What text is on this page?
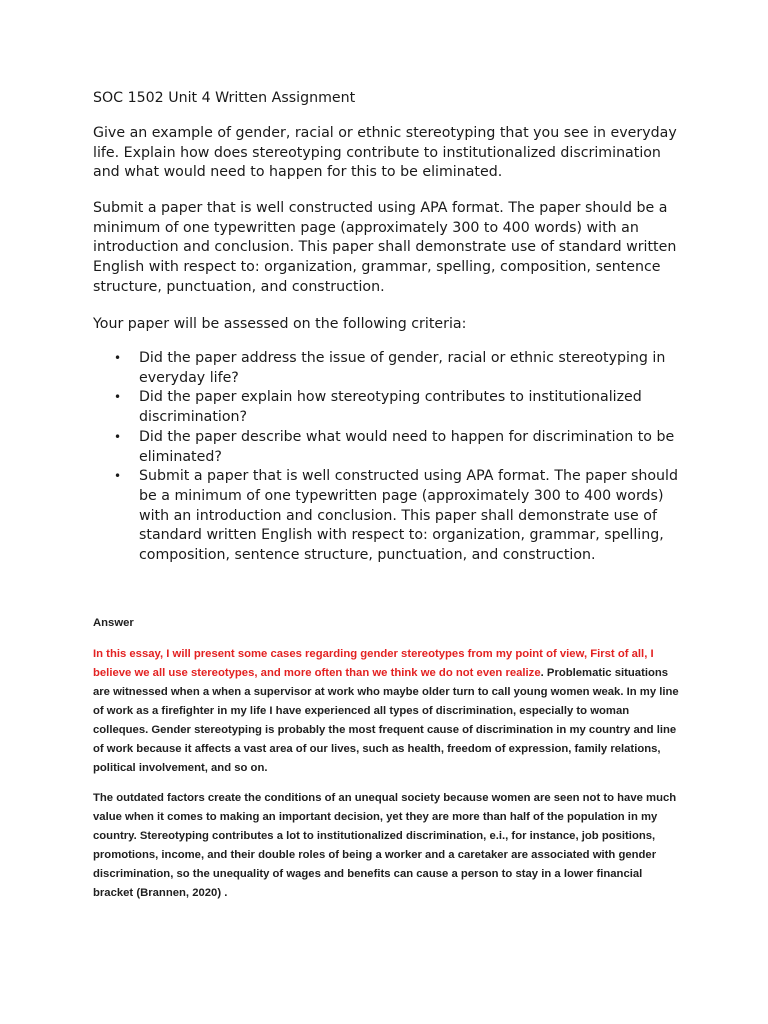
SOC 1502 Unit 4 Written Assignment

Give an example of gender, racial or ethnic stereotyping that you see in everyday life. Explain how does stereotyping contribute to institutionalized discrimination and what would need to happen for this to be eliminated.

Submit a paper that is well constructed using APA format. The paper should be a minimum of one typewritten page (approximately 300 to 400 words) with an introduction and conclusion. This paper shall demonstrate use of standard written English with respect to: organization, grammar, spelling, composition, sentence structure, punctuation, and construction.

Your paper will be assessed on the following criteria:

• Did the paper address the issue of gender, racial or ethnic stereotyping in everyday life?
• Did the paper explain how stereotyping contributes to institutionalized discrimination?
• Did the paper describe what would need to happen for discrimination to be eliminated?
• Submit a paper that is well constructed using APA format. The paper should be a minimum of one typewritten page (approximately 300 to 400 words) with an introduction and conclusion. This paper shall demonstrate use of standard written English with respect to: organization, grammar, spelling, composition, sentence structure, punctuation, and construction.

Answer

In this essay, I will present some cases regarding gender stereotypes from my point of view, First of all, I believe we all use stereotypes, and more often than we think we do not even realize. Problematic situations are witnessed when a when a supervisor at work who maybe older turn to call young women weak. In my line of work as a firefighter in my life I have experienced all types of discrimination, especially to woman colleques. Gender stereotyping is probably the most frequent cause of discrimination in my country and line of work because it affects a vast area of our lives, such as health, freedom of expression, family relations, political involvement, and so on.

The outdated factors create the conditions of an unequal society because women are seen not to have much value when it comes to making an important decision, yet they are more than half of the population in my country. Stereotyping contributes a lot to institutionalized discrimination, e.i., for instance, job positions, promotions, income, and their double roles of being a worker and a caretaker are associated with gender discrimination, so the unequality of wages and benefits can cause a person to stay in a lower financial bracket (Brannen, 2020) .
